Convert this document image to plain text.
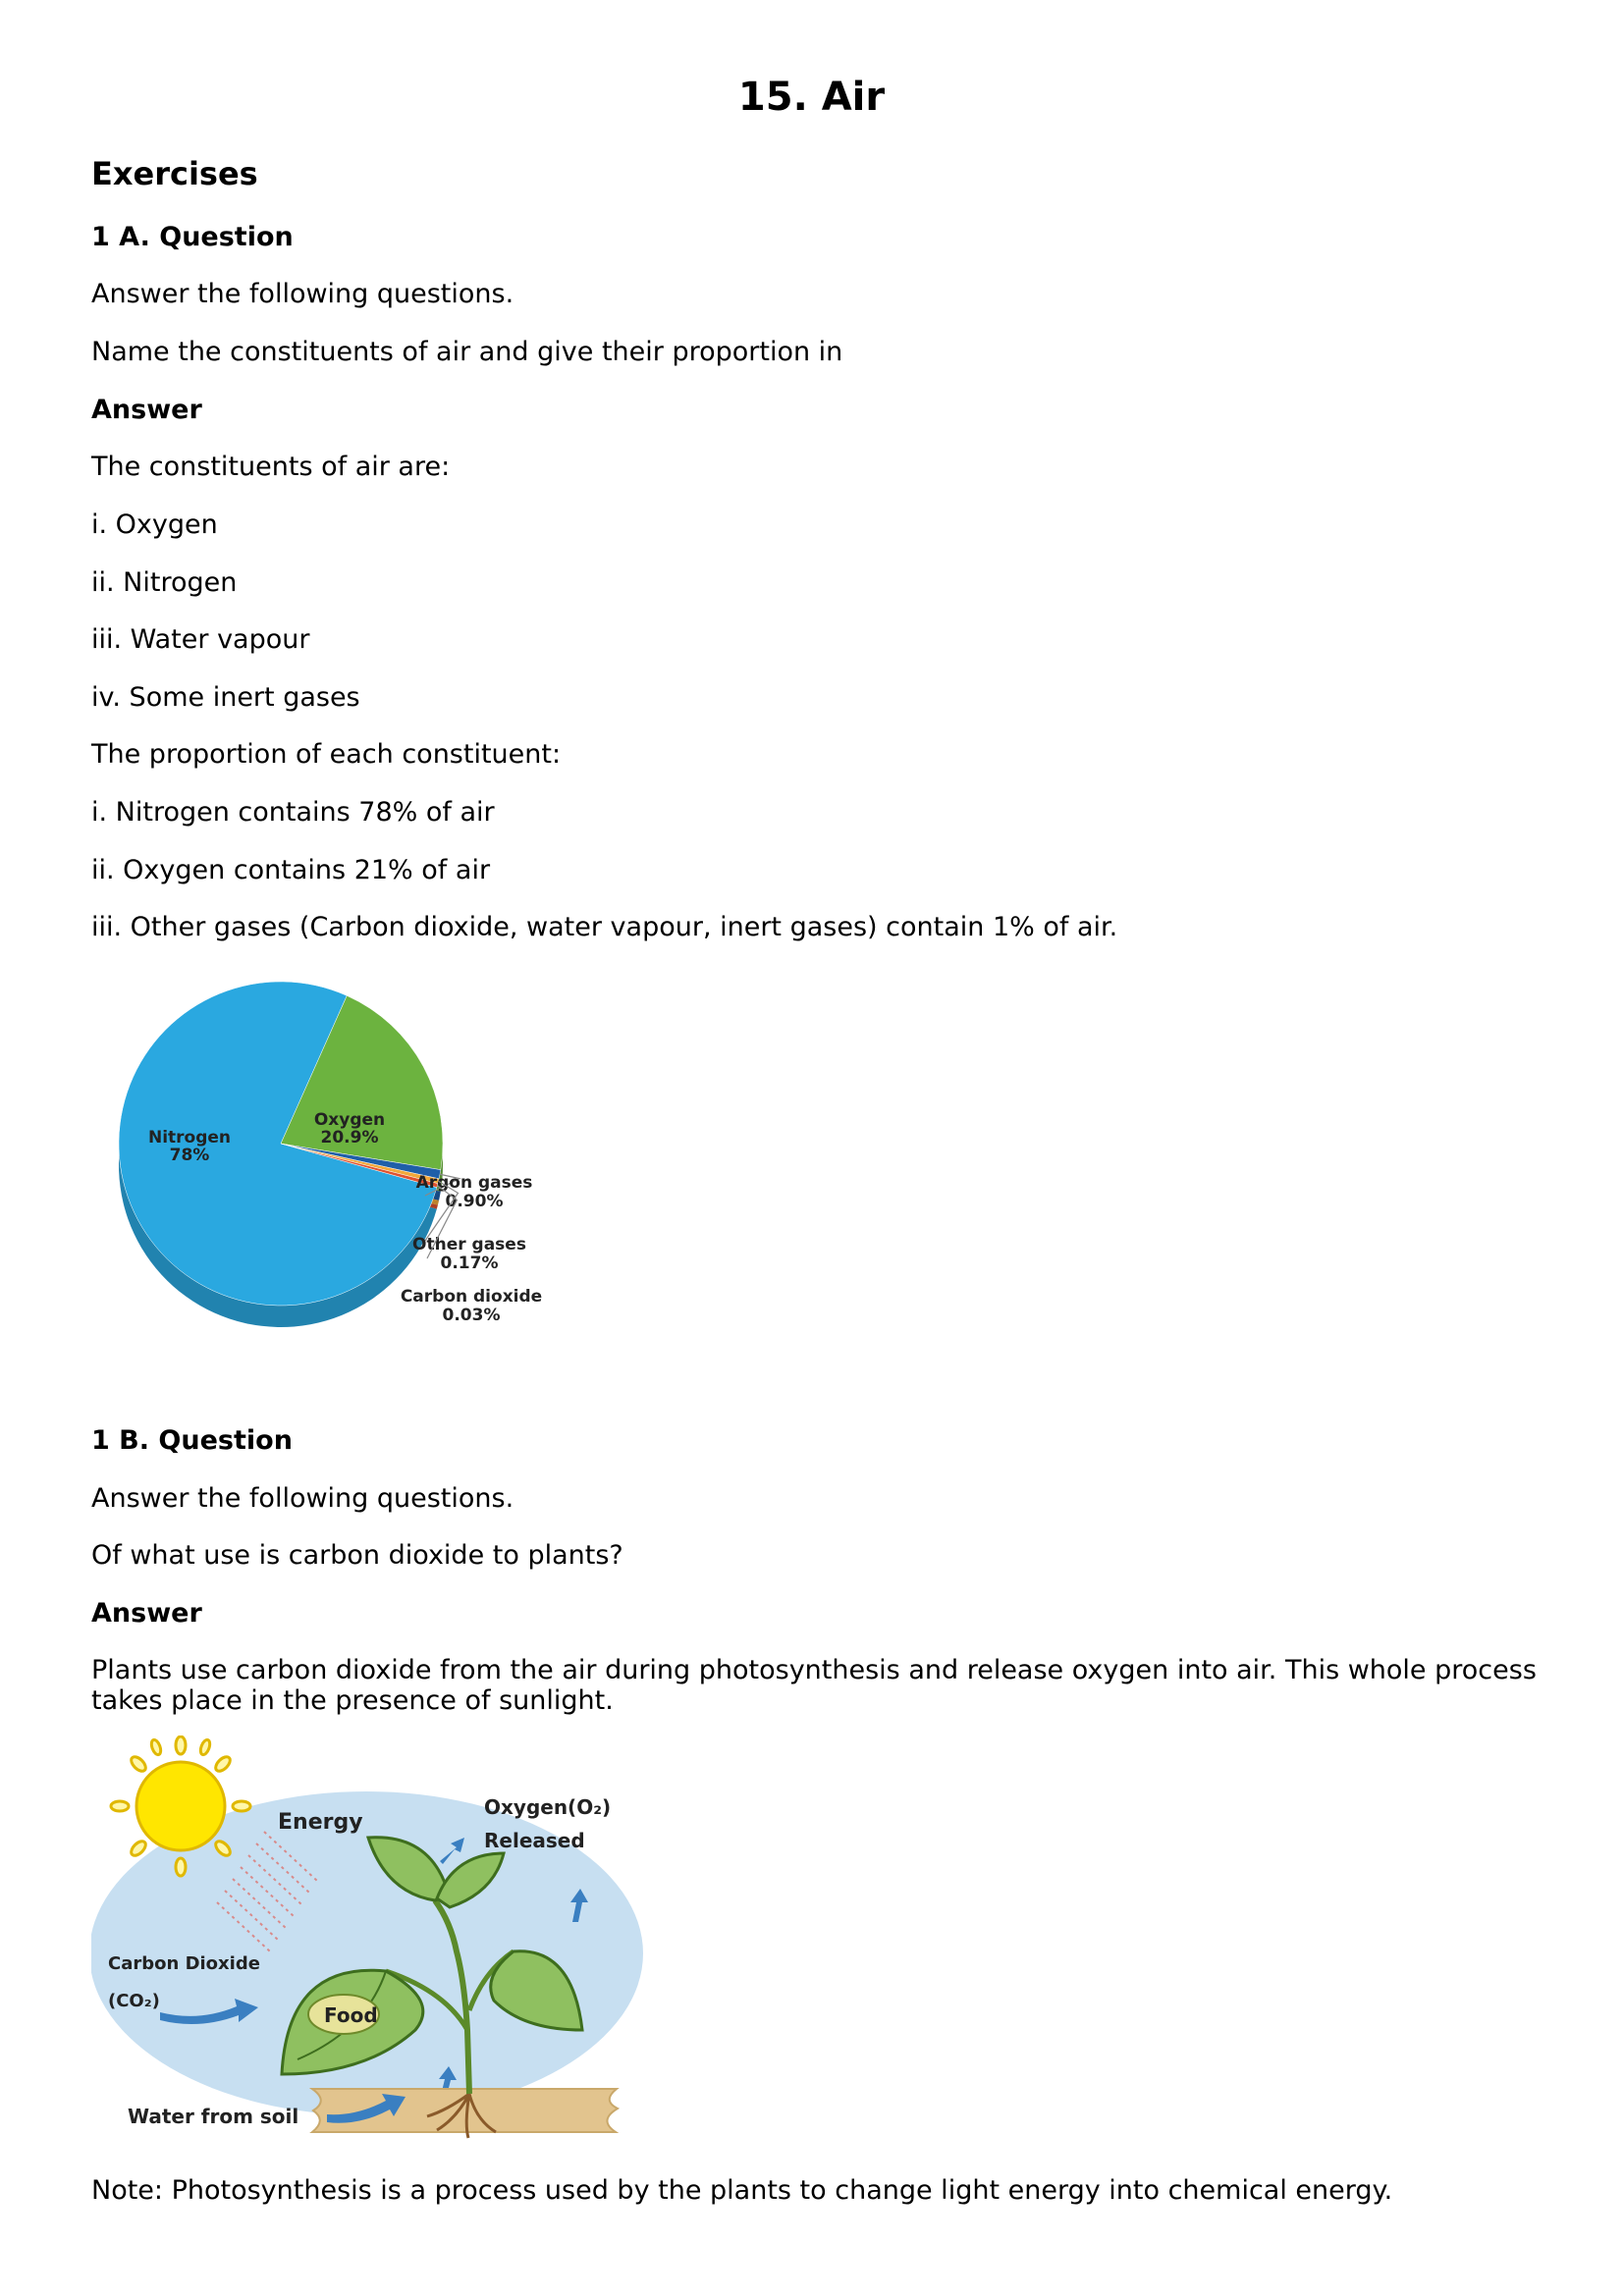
15. Air
Exercises
1 A. Question
Answer the following questions.
Name the constituents of air and give their proportion in
Answer
The constituents of air are:
i. Oxygen
ii. Nitrogen
iii. Water vapour
iv. Some inert gases
The proportion of each constituent:
i. Nitrogen contains 78% of air
ii. Oxygen contains 21% of air
iii. Other gases (Carbon dioxide, water vapour, inert gases) contain 1% of air.
Nitrogen
78%
Oxygen
20.9%
Argon gases
0.90%
Other gases
0.17%
Carbon dioxide
0.03%
1 B. Question
Answer the following questions.
Of what use is carbon dioxide to plants?
Answer
Plants use carbon dioxide from the air during photosynthesis and release oxygen into air. This whole process takes place in the presence of sunlight.
Energy
Oxygen(O₂)
Released
Carbon Dioxide
(CO₂)
Water from soil
Food
Note: Photosynthesis is a process used by the plants to change light energy into chemical energy.
